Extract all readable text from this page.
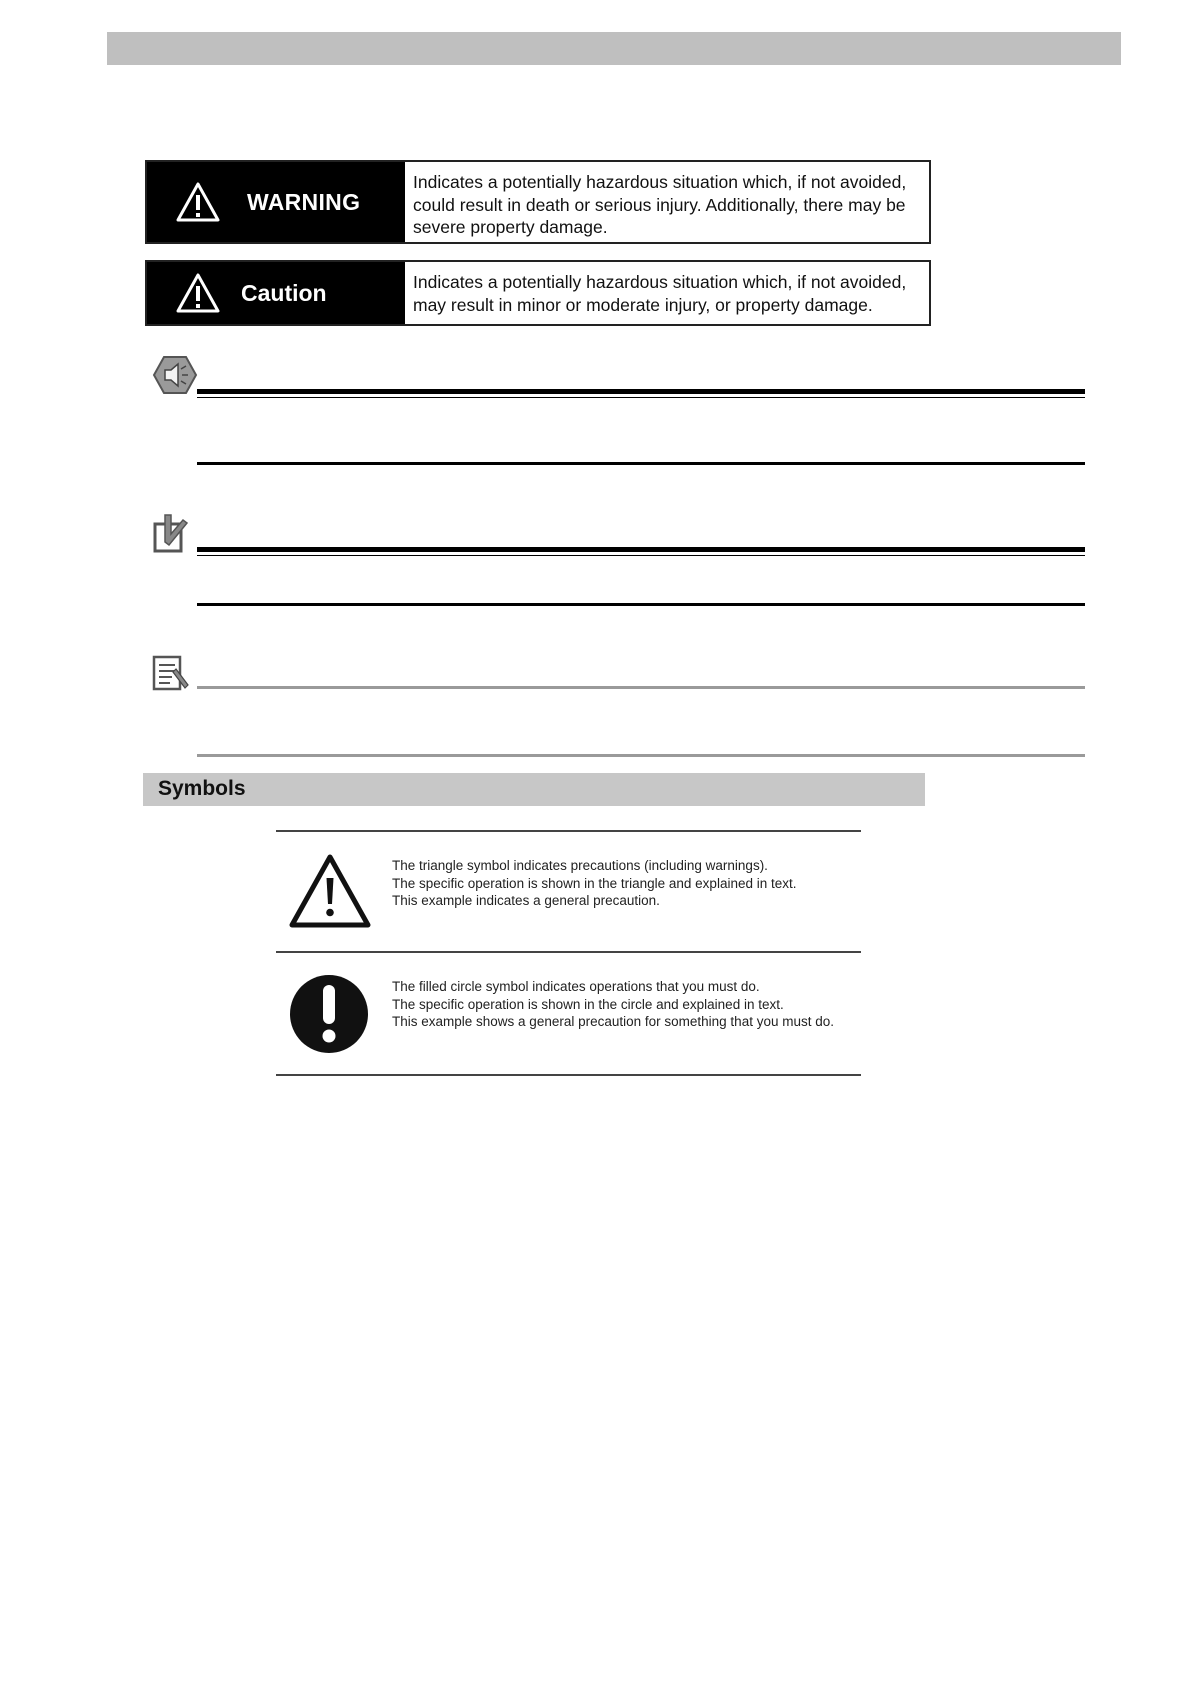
WARNING
Indicates a potentially hazardous situation which, if not avoided, could result in death or serious injury. Additionally, there may be severe property damage.
Caution	Indicates a potentially hazardous situation which, if not avoided, may result in minor or moderate injury, or property damage.
Symbols
The triangle symbol indicates precautions (including warnings).
The specific operation is shown in the triangle and explained in text.
This example indicates a general precaution.
The filled circle symbol indicates operations that you must do.
The specific operation is shown in the circle and explained in text.
This example shows a general precaution for something that you must do.
